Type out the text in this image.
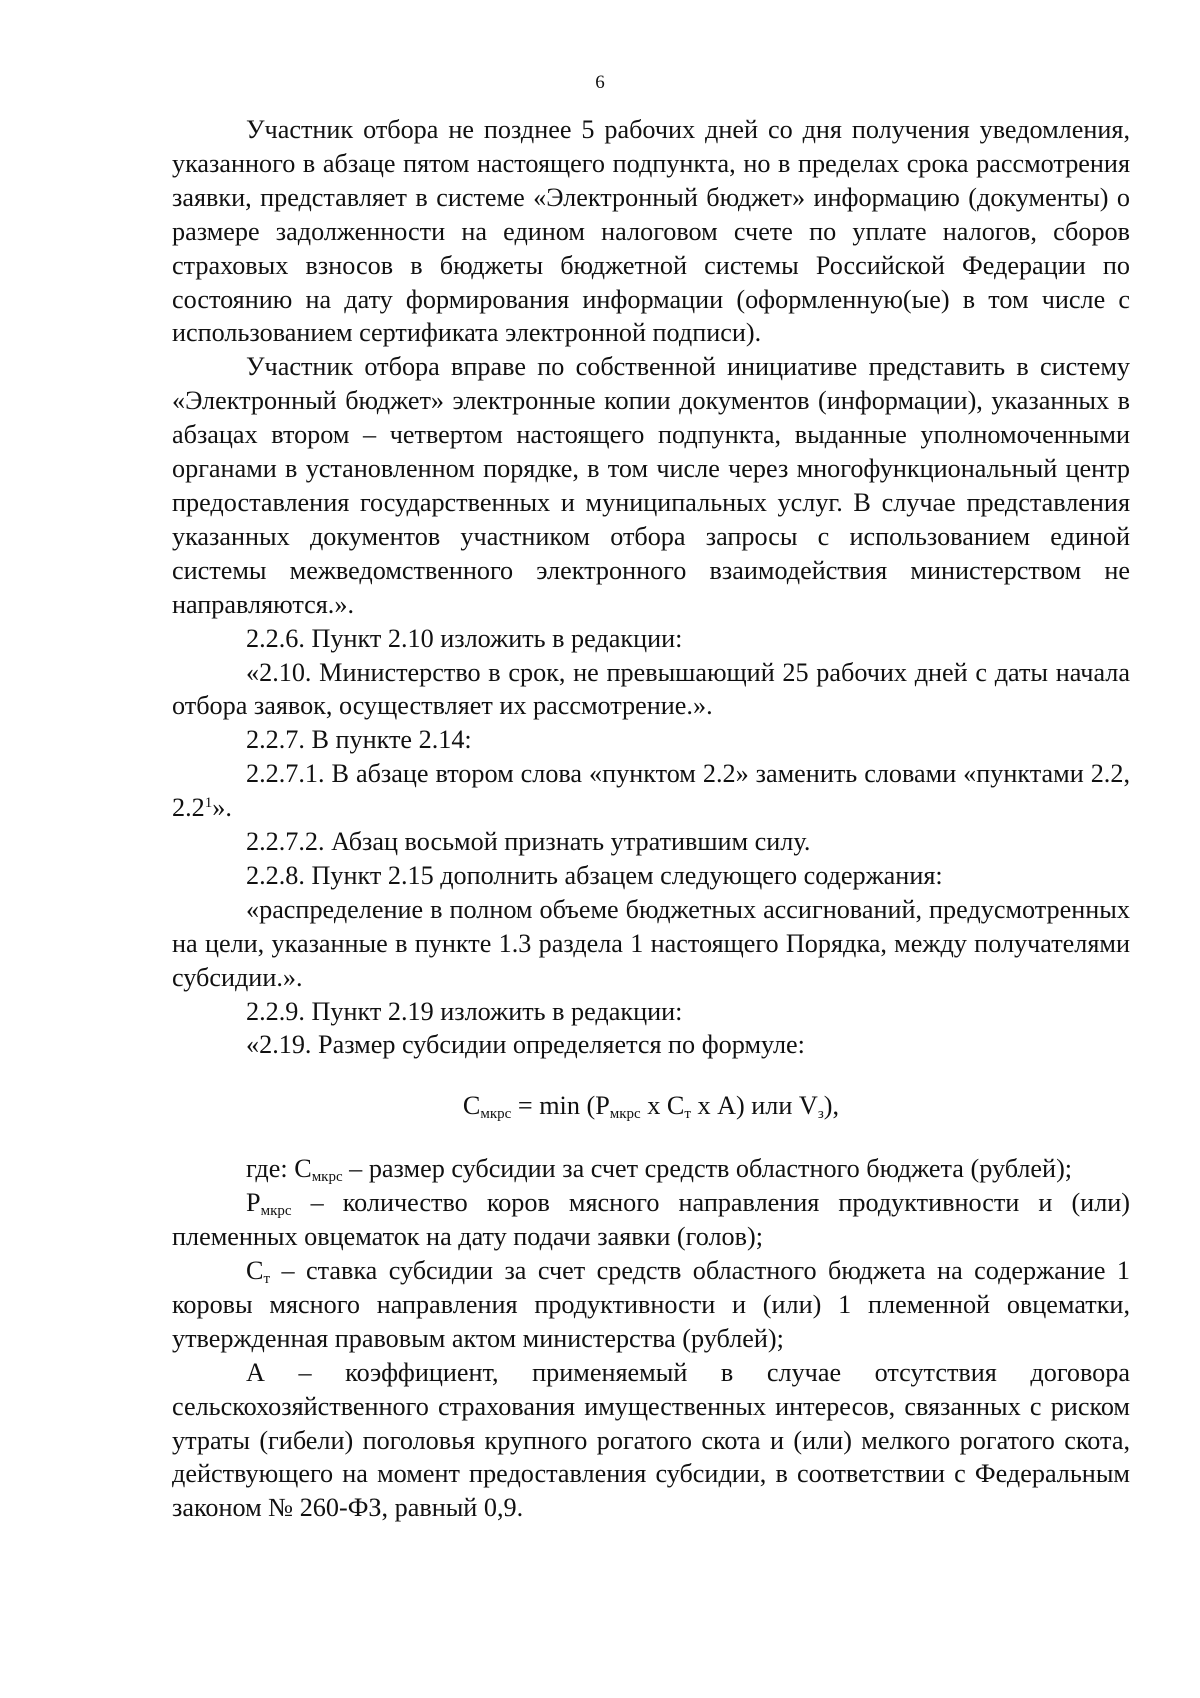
6

Участник отбора не позднее 5 рабочих дней со дня получения уведомления, указанного в абзаце пятом настоящего подпункта, но в пределах срока рассмотрения заявки, представляет в системе «Электронный бюджет» информацию (документы) о размере задолженности на едином налоговом счете по уплате налогов, сборов страховых взносов в бюджеты бюджетной системы Российской Федерации по состоянию на дату формирования информации (оформленную(ые) в том числе с использованием сертификата электронной подписи).

Участник отбора вправе по собственной инициативе представить в систему «Электронный бюджет» электронные копии документов (информации), указанных в абзацах втором – четвертом настоящего подпункта, выданные уполномоченными органами в установленном порядке, в том числе через многофункциональный центр предоставления государственных и муниципальных услуг. В случае представления указанных документов участником отбора запросы с использованием единой системы межведомственного электронного взаимодействия министерством не направляются.».

2.2.6. Пункт 2.10 изложить в редакции:

«2.10. Министерство в срок, не превышающий 25 рабочих дней с даты начала отбора заявок, осуществляет их рассмотрение.».

2.2.7. В пункте 2.14:

2.2.7.1. В абзаце втором слова «пунктом 2.2» заменить словами «пунктами 2.2, $2.2^1$».

2.2.7.2. Абзац восьмой признать утратившим силу.

2.2.8. Пункт 2.15 дополнить абзацем следующего содержания:

«распределение в полном объеме бюджетных ассигнований, предусмотренных на цели, указанные в пункте 1.3 раздела 1 настоящего Порядка, между получателями субсидии.».

2.2.9. Пункт 2.19 изложить в редакции:

«2.19. Размер субсидии определяется по формуле:

$С_{мкрс} = \min (Р_{мкрс}$ х $С_т$ х А) или $V_з$),

где: $С_{мкрс}$ – размер субсидии за счет средств областного бюджета (рублей);

$Р_{мкрс}$ – количество коров мясного направления продуктивности и (или) племенных овцематок на дату подачи заявки (голов);

$С_т$ – ставка субсидии за счет средств областного бюджета на содержание 1 коровы мясного направления продуктивности и (или) 1 племенной овцематки, утвержденная правовым актом министерства (рублей);

А – коэффициент, применяемый в случае отсутствия договора сельскохозяйственного страхования имущественных интересов, связанных с риском утраты (гибели) поголовья крупного рогатого скота и (или) мелкого рогатого скота, действующего на момент предоставления субсидии, в соответствии с Федеральным законом № 260-ФЗ, равный 0,9.
